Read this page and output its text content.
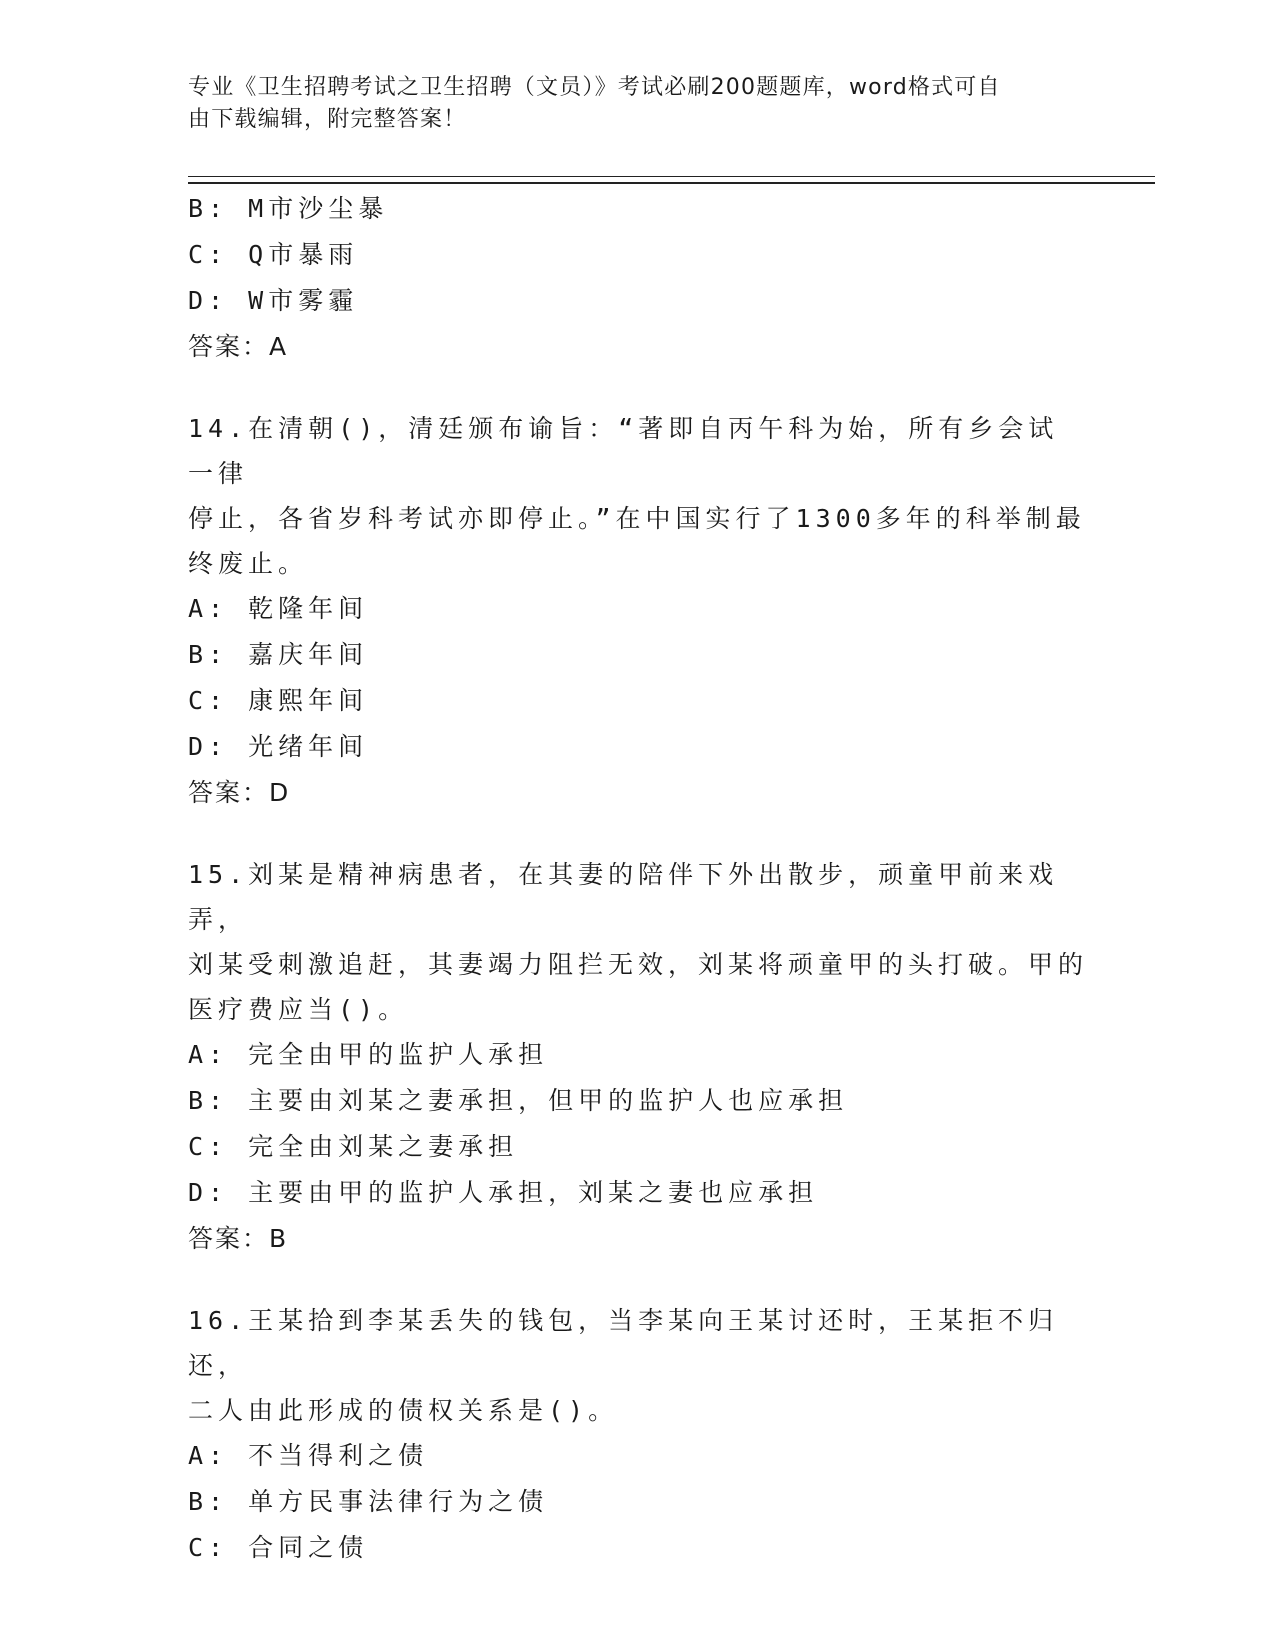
专业《卫生招聘考试之卫生招聘（文员）》考试必刷200题题库，word格式可自
由下载编辑，附完整答案！
B: M市沙尘暴
C: Q市暴雨
D: W市雾霾
答案：A
14.在清朝()，清廷颁布谕旨：“著即自丙午科为始，所有乡会试一律
停止，各省岁科考试亦即停止。”在中国实行了1300多年的科举制最
终废止。
A: 乾隆年间
B: 嘉庆年间
C: 康熙年间
D: 光绪年间
答案：D
15.刘某是精神病患者，在其妻的陪伴下外出散步，顽童甲前来戏弄，
刘某受刺激追赶，其妻竭力阻拦无效，刘某将顽童甲的头打破。甲的
医疗费应当()。
A: 完全由甲的监护人承担
B: 主要由刘某之妻承担，但甲的监护人也应承担
C: 完全由刘某之妻承担
D: 主要由甲的监护人承担，刘某之妻也应承担
答案：B
16.王某拾到李某丢失的钱包，当李某向王某讨还时，王某拒不归还，
二人由此形成的债权关系是()。
A: 不当得利之债
B: 单方民事法律行为之债
C: 合同之债
